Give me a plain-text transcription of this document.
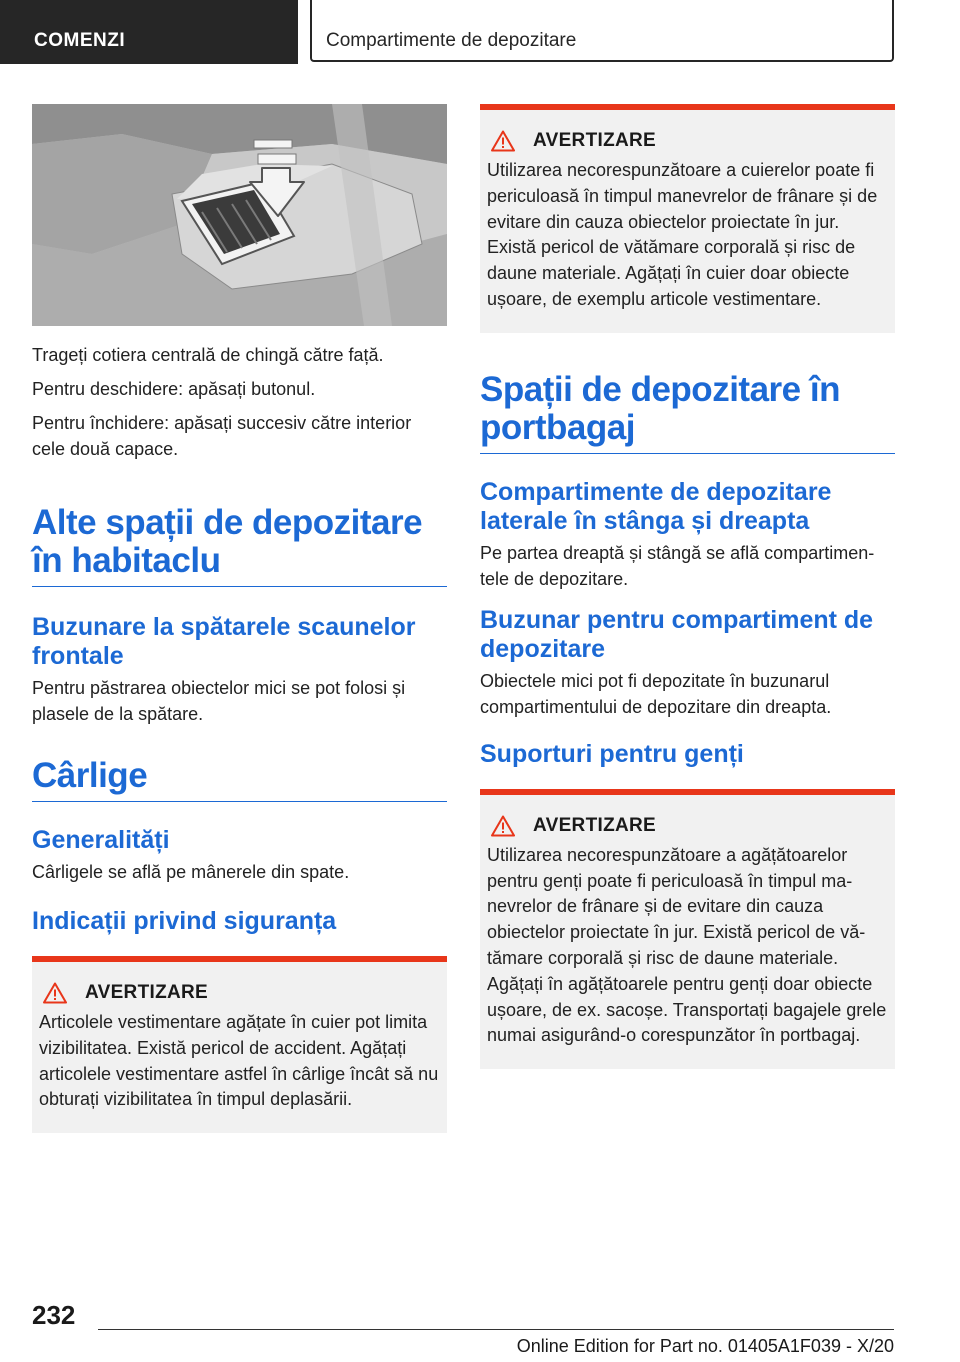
COMENZI	Compartimente de depozitare

Trageți cotiera centrală de chingă către față.

Pentru deschidere: apăsați butonul.

Pentru închidere: apăsați succesiv către interior cele două capace.

Alte spații de depozitare în habitaclu
Buzunare la spătarele scaunelor frontale

Pentru păstrarea obiectelor mici se pot folosi și plasele de la spătare.

Cârlige
Generalități

Cârligele se află pe mânerele din spate.

Indicații privind siguranța
AVERTIZARE

Articolele vestimentare agățate în cuier pot limita vizibilitatea. Există pericol de accident. Agățați articolele vestimentare astfel în cârlige încât să nu obturați vizibilitatea în timpul deplasării.

AVERTIZARE

Utilizarea necorespunzătoare a cuierelor poate fi periculoasă în timpul manevrelor de frânare și de evitare din cauza obiectelor proiectate în jur. Există pericol de vătămare corporală și risc de daune materiale. Agățați în cuier doar obiecte ușoare, de exemplu articole vestimentare.

Spații de depozitare în portbagaj
Compartimente de depozitare laterale în stânga și dreapta

Pe partea dreaptă și stângă se află compartimentele de depozitare.

Buzunar pentru compartiment de depozitare

Obiectele mici pot fi depozitate în buzunarul compartimentului de depozitare din dreapta.

Suporturi pentru genți
AVERTIZARE

Utilizarea necorespunzătoare a agățătoarelor pentru genți poate fi periculoasă în timpul manevrelor de frânare și de evitare din cauza obiectelor proiectate în jur. Există pericol de vătămare corporală și risc de daune materiale. Agățați în agățătoarele pentru genți doar obiecte ușoare, de ex. sacoșe. Transportați bagajele grele numai asigurând-o corespunzător în portbagaj.

232
Online Edition for Part no. 01405A1F039 - X/20
